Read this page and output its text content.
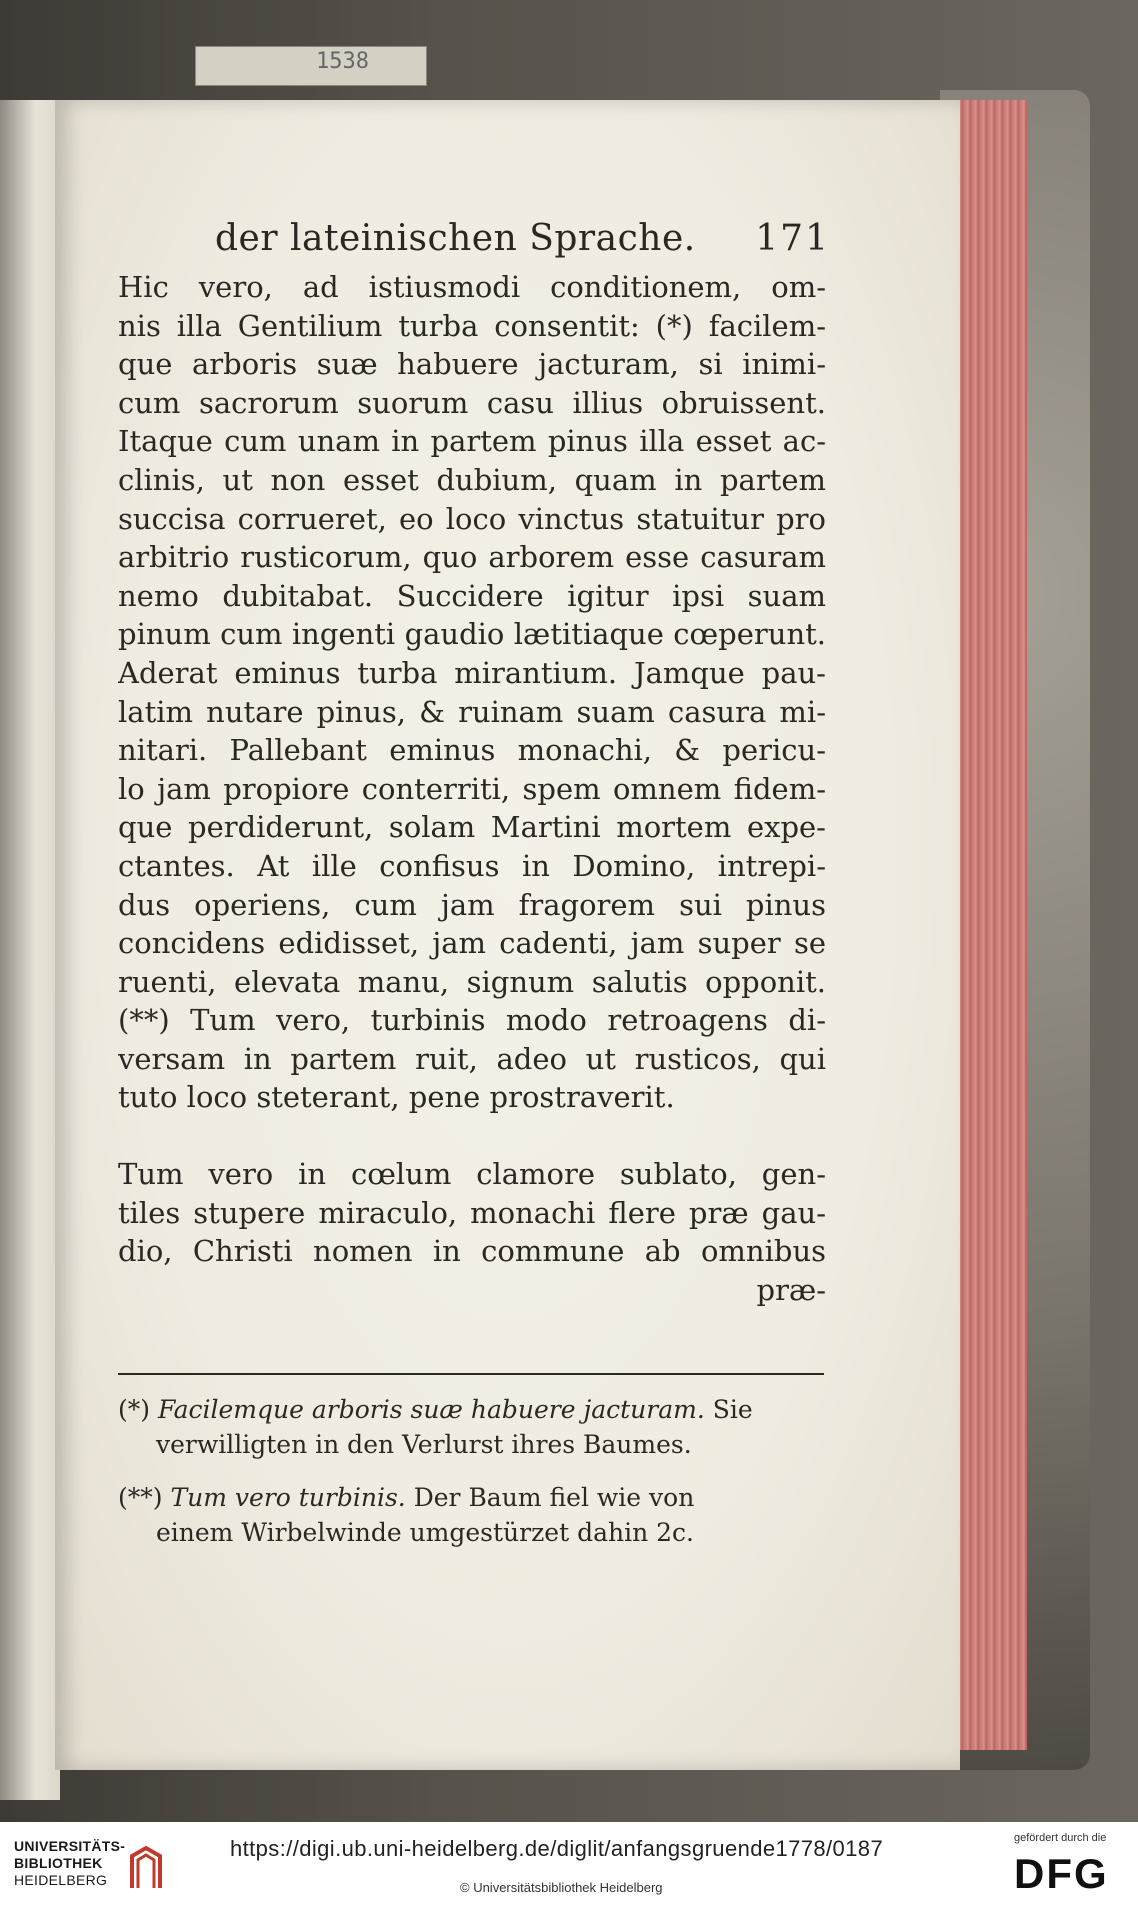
1538
der lateinischen Sprache. 171
Hic vero, ad istiusmodi conditionem, om-
nis illa Gentilium turba consentit: (*) facilem-
que arboris suæ habuere jacturam, si inimi-
cum sacrorum suorum casu illius obruissent.
Itaque cum unam in partem pinus illa esset ac-
clinis, ut non esset dubium, quam in partem
succisa corrueret, eo loco vinctus statuitur pro
arbitrio rusticorum, quo arborem esse casuram
nemo dubitabat. Succidere igitur ipsi suam
pinum cum ingenti gaudio lætitiaque cœperunt.
Aderat eminus turba mirantium. Jamque pau-
latim nutare pinus, & ruinam suam casura mi-
nitari. Pallebant eminus monachi, & pericu-
lo jam propiore conterriti, spem omnem fidem-
que perdiderunt, solam Martini mortem expe-
ctantes. At ille confisus in Domino, intrepi-
dus operiens, cum jam fragorem sui pinus
concidens edidisset, jam cadenti, jam super se
ruenti, elevata manu, signum salutis opponit.
(**) Tum vero, turbinis modo retroagens di-
versam in partem ruit, adeo ut rusticos, qui
tuto loco steterant, pene prostraverit.
Tum vero in cœlum clamore sublato, gen-
tiles stupere miraculo, monachi flere præ gau-
dio, Christi nomen in commune ab omnibus
præ-
(*) Facilemque arboris suæ habuere jacturam. Sie
verwilligten in den Verlurst ihres Baumes.
(**) Tum vero turbinis. Der Baum fiel wie von
einem Wirbelwinde umgestürzet dahin 2c.
UNIVERSITÄTS-
BIBLIOTHEK
HEIDELBERG
https://digi.ub.uni-heidelberg.de/diglit/anfangsgruende1778/0187
© Universitätsbibliothek Heidelberg
gefördert durch die
DFG
